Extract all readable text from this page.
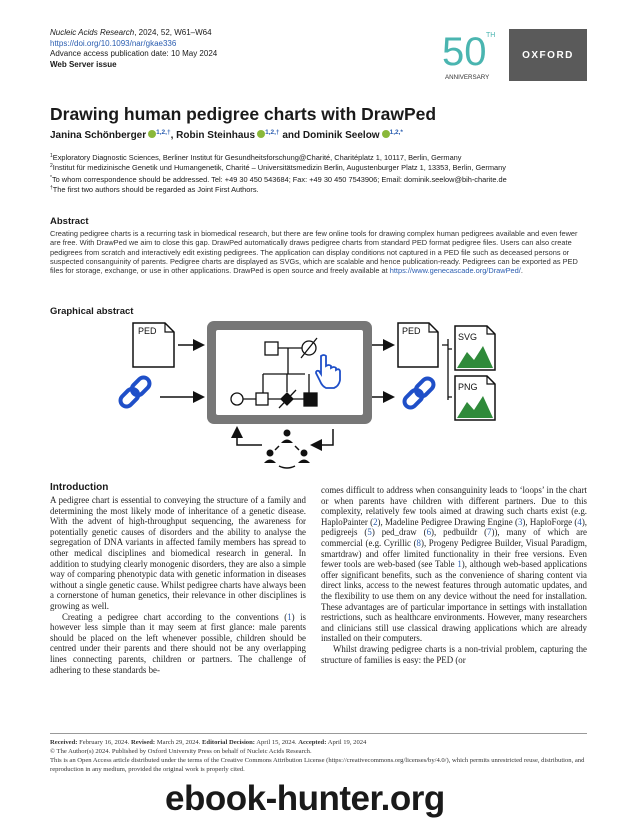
Nucleic Acids Research, 2024, 52, W61–W64
https://doi.org/10.1093/nar/gkae336
Advance access publication date: 10 May 2024
Web Server issue	50 TH
ANNIVERSARY
OXFORD
Drawing human pedigree charts with DrawPed
Janina Schönberger $^{1,2,\dagger}$, Robin Steinhaus $^{1,2,\dagger}$ and Dominik Seelow $^{1,2,*}$
$^1$Exploratory Diagnostic Sciences, Berliner Institut für Gesundheitsforschung@Charité, Charitéplatz 1, 10117, Berlin, Germany
$^2$Institut für medizinische Genetik und Humangenetik, Charité – Universitätsmedizin Berlin, Augustenburger Platz 1, 13353, Berlin, Germany
*To whom correspondence should be addressed. Tel: +49 30 450 543684; Fax: +49 30 450 7543906; Email: dominik.seelow@bih-charite.de
†The first two authors should be regarded as Joint First Authors.
Abstract
Creating pedigree charts is a recurring task in biomedical research, but there are few online tools for drawing complex human pedigrees available and even fewer are free. With DrawPed we aim to close this gap. DrawPed automatically draws pedigree charts from standard PED format pedigree files. Users can also create pedigrees from scratch and interactively edit existing pedigrees. The application can display conditions not captured in a PED file such as deceased persons or suspected consanguinity of parents. Pedigree charts are displayed as SVGs, which are scalable and hence publication-ready. Pedigrees can be exported as PED files for storage, exchange, or use in other applications. DrawPed is open source and freely available at https://www.genecascade.org/DrawPed/.
Graphical abstract
PED	PED
SVG
PNG
Introduction

A pedigree chart is essential to conveying the structure of a family and determining the most likely mode of inheritance of a genetic disease. With the advent of high-throughput sequencing, the awareness for potentially genetic causes of disorders and the ability to analyse the segregation of DNA variants in affected family members has spread to other medical disciplines and biomedical research in general. In addition to studying clearly monogenic disorders, they are also a simple way of comparing phenotypic data with genetic information in diseases without a single genetic cause. Whilst pedigree charts have always been a cornerstone of human genetics, their relevance in other disciplines is growing as well.

Creating a pedigree chart according to the conventions (1) is however less simple than it may seem at first glance: male parents should be placed on the left whenever possible, children should be centred under their parents and there should not be any overlapping lines connecting parents, children or partners. The challenge of adhering to these standards be-

comes difficult to address when consanguinity leads to ‘loops’ in the chart or when parents have children with different partners. Due to this complexity, relatively few tools aimed at drawing such charts exist (e.g. HaploPainter (2), Madeline Pedigree Drawing Engine (3), HaploForge (4), pedigreejs (5) ped_draw (6), pedbuildr (7)), many of which are commercial (e.g. Cyrillic (8), Progeny Pedigree Builder, Visual Paradigm, smartdraw) and offer limited functionality in their free versions. Even fewer tools are web-based (see Table 1), although web-based applications offer significant benefits, such as the convenience of sharing content via direct links, access to the newest features through automatic updates, and the flexibility to use them on any device without the need for installation. These advantages are of particular importance in settings with installation restrictions, such as healthcare environments. However, many researchers and clinicians still use classical drawing applications which are already installed on their computers.

Whilst drawing pedigree charts is a non-trivial problem, capturing the structure of families is easy: the PED (or

Received: February 16, 2024. Revised: March 29, 2024. Editorial Decision: April 15, 2024. Accepted: April 19, 2024
© The Author(s) 2024. Published by Oxford University Press on behalf of Nucleic Acids Research.
This is an Open Access article distributed under the terms of the Creative Commons Attribution License (https://creativecommons.org/licenses/by/4.0/), which permits unrestricted reuse, distribution, and reproduction in any medium, provided the original work is properly cited.
ebook-hunter.org
